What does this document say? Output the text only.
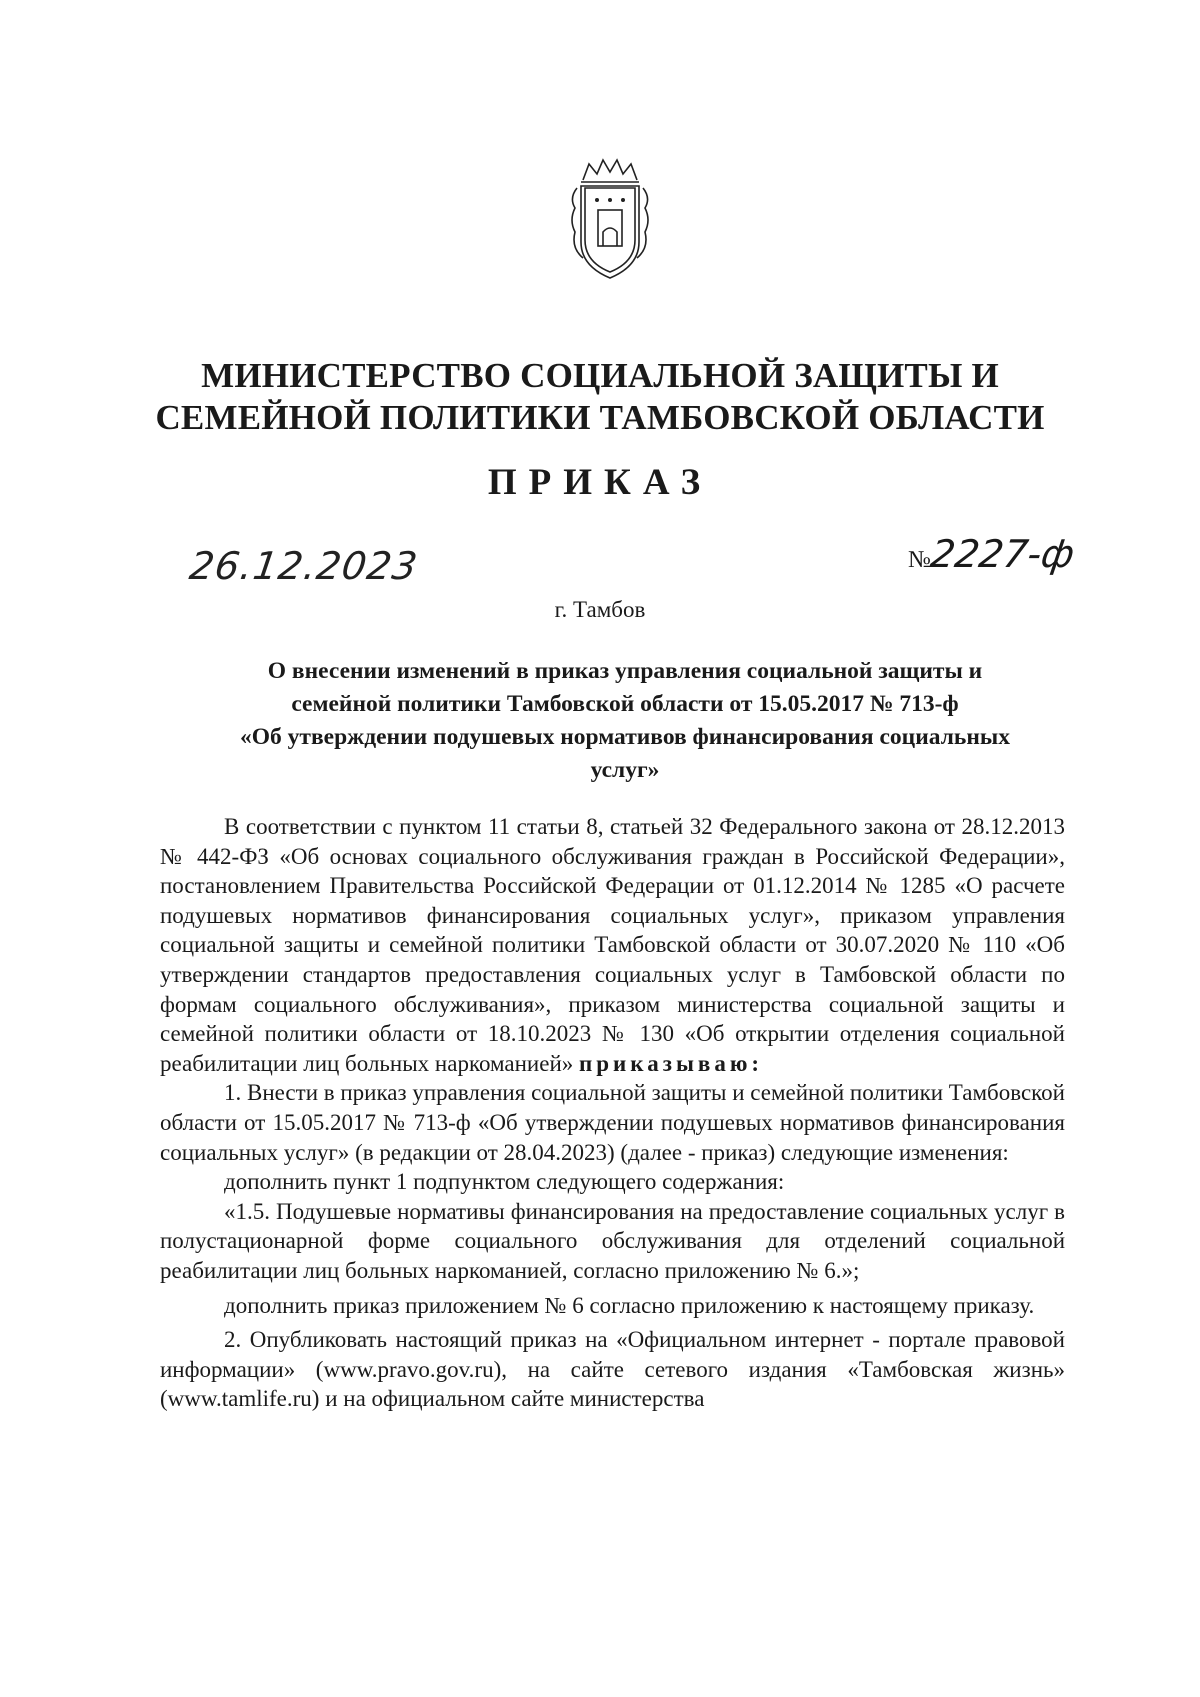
МИНИСТЕРСТВО СОЦИАЛЬНОЙ ЗАЩИТЫ И
СЕМЕЙНОЙ ПОЛИТИКИ ТАМБОВСКОЙ ОБЛАСТИ
ПРИКАЗ
26.12.2023	№2227-ф
г. Тамбов
О внесении изменений в приказ управления социальной защиты и
семейной политики Тамбовской области от 15.05.2017 № 713-ф
«Об утверждении подушевых нормативов финансирования социальных
услуг»

В соответствии с пунктом 11 статьи 8, статьей 32 Федерального закона от 28.12.2013 № 442-ФЗ «Об основах социального обслуживания граждан в Российской Федерации», постановлением Правительства Российской Федерации от 01.12.2014 № 1285 «О расчете подушевых нормативов финансирования социальных услуг», приказом управления социальной защиты и семейной политики Тамбовской области от 30.07.2020 № 110 «Об утверждении стандартов предоставления социальных услуг в Тамбовской области по формам социального обслуживания», приказом министерства социальной защиты и семейной политики области от 18.10.2023 № 130 «Об открытии отделения социальной реабилитации лиц больных наркоманией» приказываю:

1. Внести в приказ управления социальной защиты и семейной политики Тамбовской области от 15.05.2017 № 713-ф «Об утверждении подушевых нормативов финансирования социальных услуг» (в редакции от 28.04.2023) (далее - приказ) следующие изменения:

дополнить пункт 1 подпунктом следующего содержания:

«1.5. Подушевые нормативы финансирования на предоставление социальных услуг в полустационарной форме социального обслуживания для отделений социальной реабилитации лиц больных наркоманией, согласно приложению № 6.»;

дополнить приказ приложением № 6 согласно приложению к настоящему приказу.

2. Опубликовать настоящий приказ на «Официальном интернет - портале правовой информации» (www.pravo.gov.ru), на сайте сетевого издания «Тамбовская жизнь» (www.tamlife.ru) и на официальном сайте министерства
